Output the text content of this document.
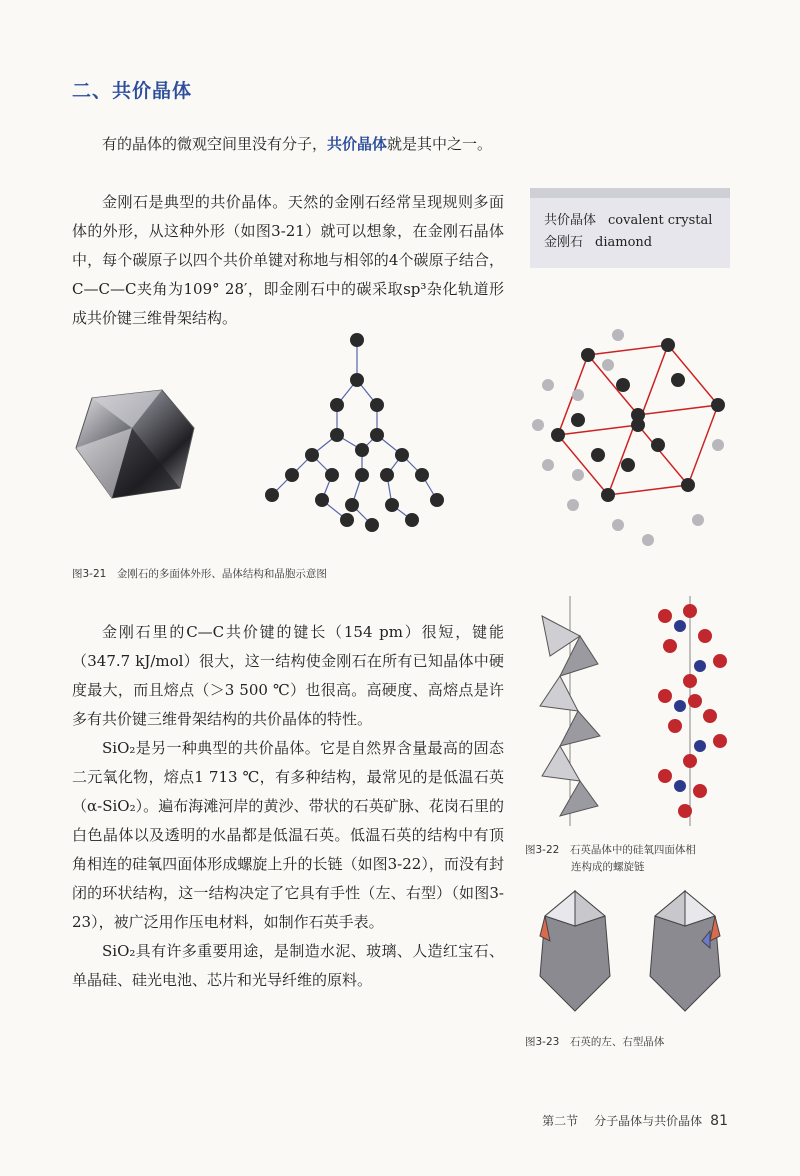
二、共价晶体

有的晶体的微观空间里没有分子，共价晶体就是其中之一。

金刚石是典型的共价晶体。天然的金刚石经常呈现规则多面体的外形，从这种外形（如图3-21）就可以想象，在金刚石晶体中，每个碳原子以四个共价单键对称地与相邻的4个碳原子结合，C—C—C夹角为109° 28′，即金刚石中的碳采取sp³杂化轨道形成共价键三维骨架结构。

共价晶体 covalent crystal
金刚石 diamond
图3-21　金刚石的多面体外形、晶体结构和晶胞示意图

金刚石里的C—C共价键的键长（154 pm）很短，键能（347.7 kJ/mol）很大，这一结构使金刚石在所有已知晶体中硬度最大，而且熔点（＞3 500 ℃）也很高。高硬度、高熔点是许多有共价键三维骨架结构的共价晶体的特性。

SiO₂是另一种典型的共价晶体。它是自然界含量最高的固态二元氧化物，熔点1 713 ℃，有多种结构，最常见的是低温石英（α-SiO₂）。遍布海滩河岸的黄沙、带状的石英矿脉、花岗石里的白色晶体以及透明的水晶都是低温石英。低温石英的结构中有顶角相连的硅氧四面体形成螺旋上升的长链（如图3-22），而没有封闭的环状结构，这一结构决定了它具有手性（左、右型）（如图3-23），被广泛用作压电材料，如制作石英手表。

SiO₂具有许多重要用途，是制造水泥、玻璃、人造红宝石、单晶硅、硅光电池、芯片和光导纤维的原料。

图3-22　石英晶体中的硅氧四面体相
连构成的螺旋链
图3-23　石英的左、右型晶体
第二节 分子晶体与共价晶体 81
